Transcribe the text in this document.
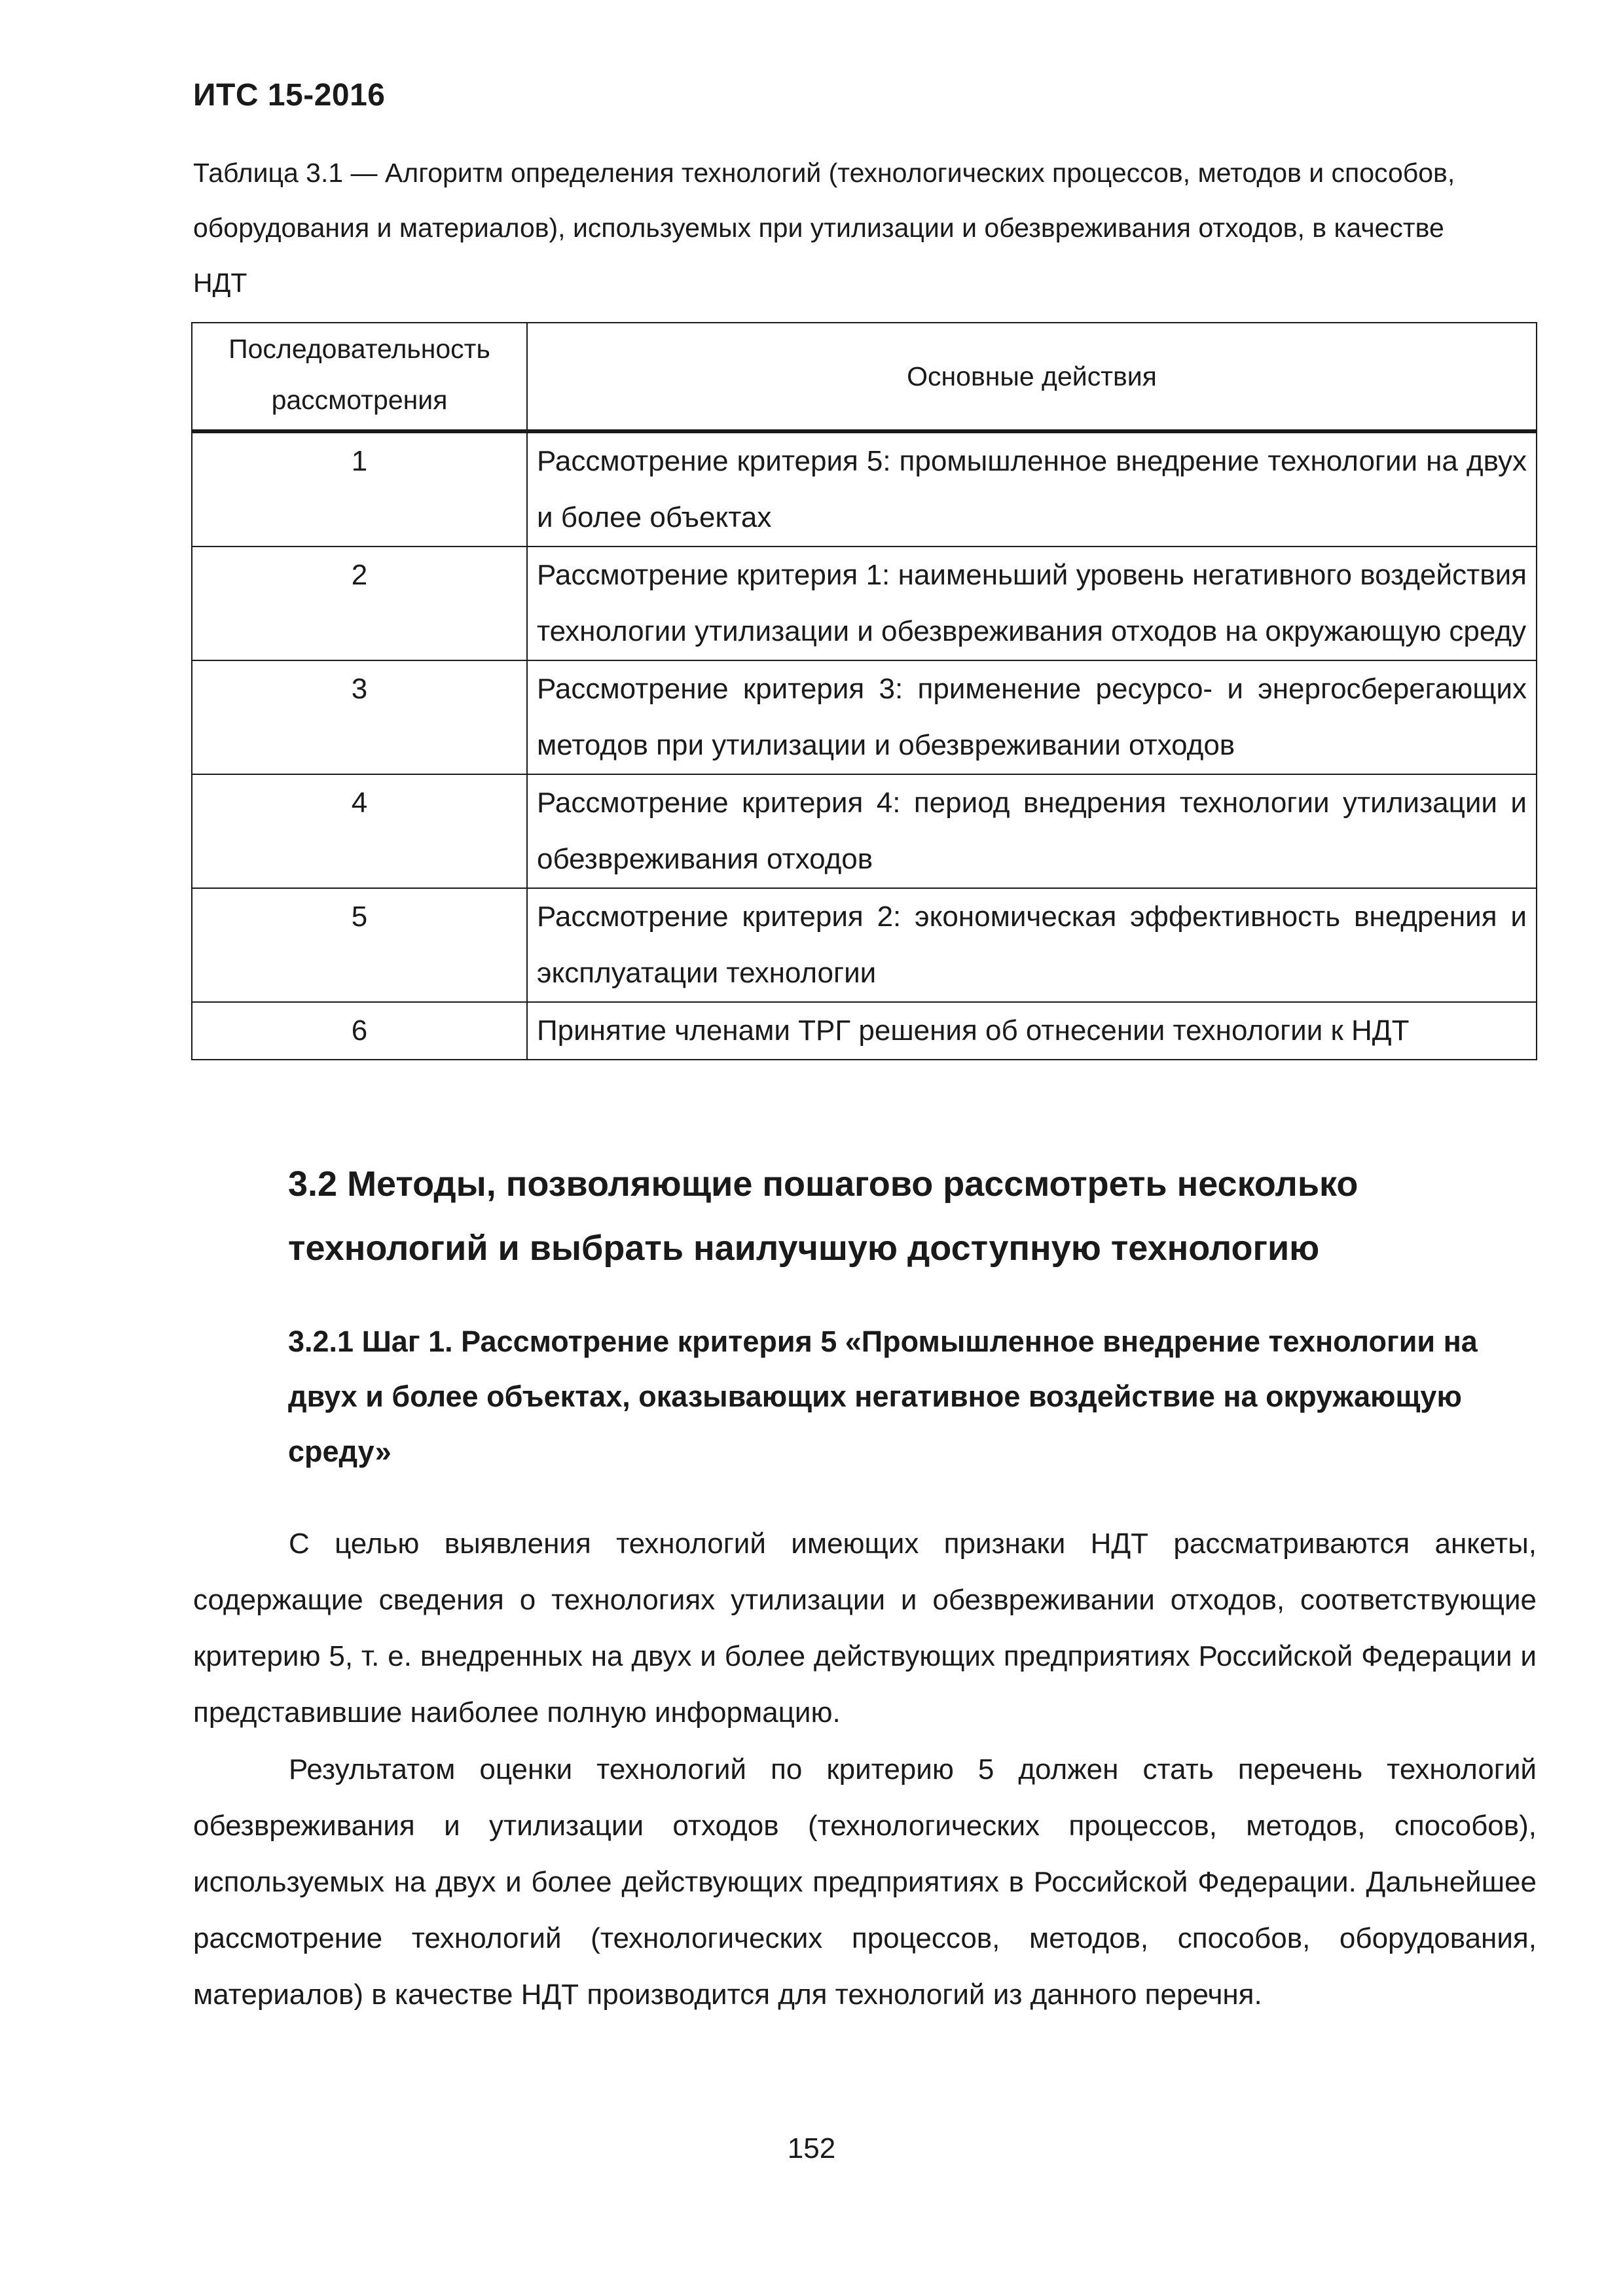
ИТС 15-2016

Таблица 3.1 — Алгоритм определения технологий (технологических процессов, методов и способов, оборудования и материалов), используемых при утилизации и обезвреживания отходов, в качестве НДТ

Последовательность рассмотрения	Основные действия
1	Рассмотрение критерия 5: промышленное внедрение технологии на двух и более объектах
2	Рассмотрение критерия 1: наименьший уровень негативного воздействия технологии утилизации и обезвреживания отходов на окружающую среду
3	Рассмотрение критерия 3: применение ресурсо- и энергосберегающих методов при утилизации и обезвреживании отходов
4	Рассмотрение критерия 4: период внедрения технологии утилизации и обезвреживания отходов
5	Рассмотрение критерия 2: экономическая эффективность внедрения и эксплуатации технологии
6	Принятие членами ТРГ решения об отнесении технологии к НДТ
3.2 Методы, позволяющие пошагово рассмотреть несколько технологий и выбрать наилучшую доступную технологию
3.2.1 Шаг 1. Рассмотрение критерия 5 «Промышленное внедрение технологии на двух и более объектах, оказывающих негативное воздействие на окружающую среду»

С целью выявления технологий имеющих признаки НДТ рассматриваются анкеты, содержащие сведения о технологиях утилизации и обезвреживании отходов, соответствующие критерию 5, т. е. внедренных на двух и более действующих предприятиях Российской Федерации и представившие наиболее полную информацию.

Результатом оценки технологий по критерию 5 должен стать перечень технологий обезвреживания и утилизации отходов (технологических процессов, методов, способов), используемых на двух и более действующих предприятиях в Российской Федерации. Дальнейшее рассмотрение технологий (технологических процессов, методов, способов, оборудования, материалов) в качестве НДТ производится для технологий из данного перечня.

152
